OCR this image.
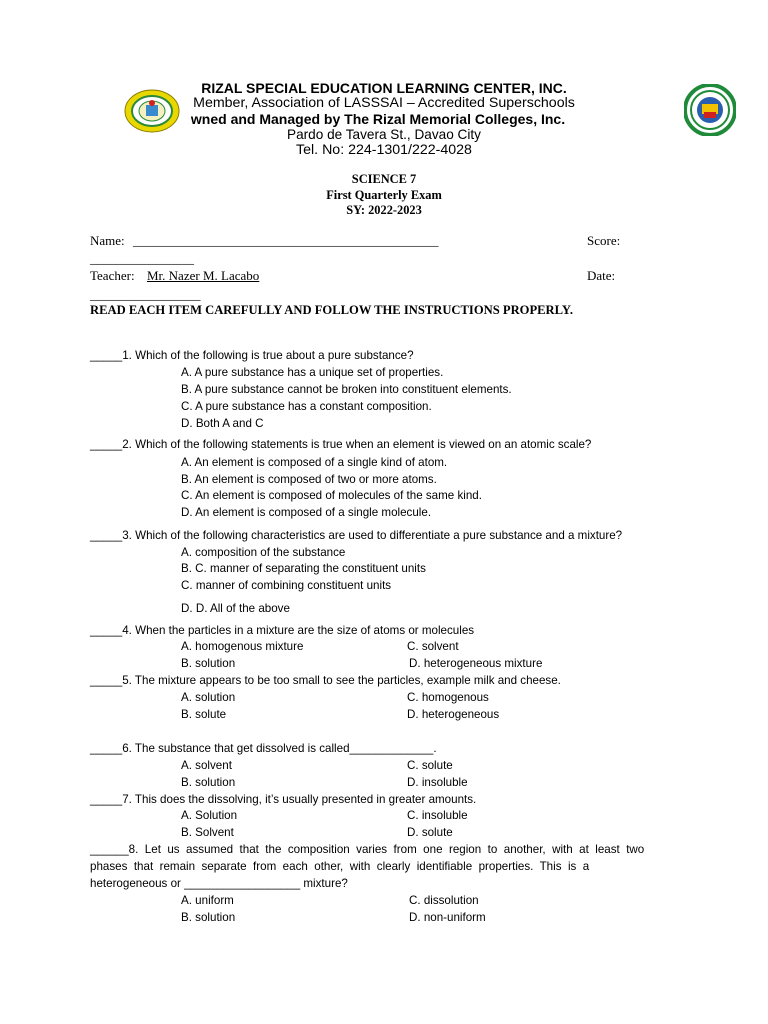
RIZAL SPECIAL EDUCATION LEARNING CENTER, INC.
Member, Association of LASSSAI – Accredited Superschools
wned and Managed by The Rizal Memorial Colleges, Inc.
Pardo de Tavera St., Davao City
Tel. No: 224-1301/222-4028
SCIENCE 7
First Quarterly Exam
SY: 2022-2023
Name: _______________________________________________	Score:
________________
Teacher: Mr. Nazer M. Lacabo	Date:
_________________
READ EACH ITEM CAREFULLY AND FOLLOW THE INSTRUCTIONS PROPERLY.
_____1. Which of the following is true about a pure substance?
A. A pure substance has a unique set of properties.
B. A pure substance cannot be broken into constituent elements.
C. A pure substance has a constant composition.
D. Both A and C
_____2. Which of the following statements is true when an element is viewed on an atomic scale?
A. An element is composed of a single kind of atom.
B. An element is composed of two or more atoms.
C. An element is composed of molecules of the same kind.
D. An element is composed of a single molecule.
_____3. Which of the following characteristics are used to differentiate a pure substance and a mixture?
A. composition of the substance
B. C. manner of separating the constituent units
C. manner of combining constituent units
D. D. All of the above
_____4. When the particles in a mixture are the size of atoms or molecules
A. homogenous mixture	C. solvent
B. solution	D. heterogeneous mixture
_____5. The mixture appears to be too small to see the particles, example milk and cheese.
A. solution	C. homogenous
B. solute	D. heterogeneous
_____6. The substance that get dissolved is called_____________.
A. solvent	C. solute
B. solution	D. insoluble
_____7. This does the dissolving, it’s usually presented in greater amounts.
A. Solution	C. insoluble
B. Solvent	D. solute
______8.  Let  us  assumed  that  the  composition  varies  from  one  region  to  another,  with  at  least  two
phases  that  remain  separate  from  each  other,  with  clearly  identifiable  properties.  This  is  a
heterogeneous or __________________ mixture?
A. uniform	C. dissolution
B. solution	D. non-uniform
